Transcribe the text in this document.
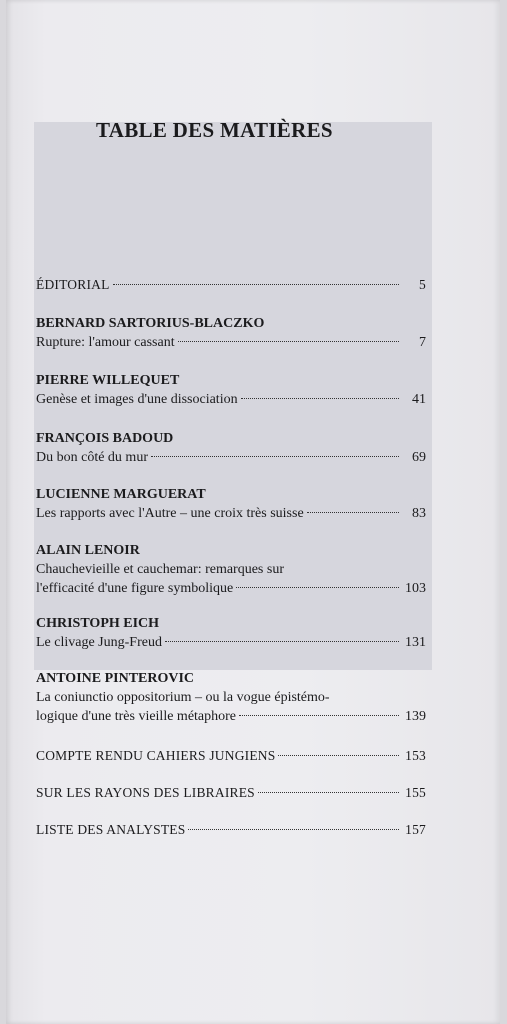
TABLE DES MATIÈRES
ÉDITORIAL	5
BERNARD SARTORIUS-BLACZKO
Rupture: l'amour cassant	7
PIERRE WILLEQUET
Genèse et images d'une dissociation	41
FRANÇOIS BADOUD
Du bon côté du mur	69
LUCIENNE MARGUERAT
Les rapports avec l'Autre – une croix très suisse	83
ALAIN LENOIR
Chauchevieille et cauchemar: remarques sur
l'efficacité d'une figure symbolique	103
CHRISTOPH EICH
Le clivage Jung-Freud	131
ANTOINE PINTEROVIC
La coniunctio oppositorium – ou la vogue épistémo-
logique d'une très vieille métaphore	139
COMPTE RENDU CAHIERS JUNGIENS	153
SUR LES RAYONS DES LIBRAIRES	155
LISTE DES ANALYSTES	157
